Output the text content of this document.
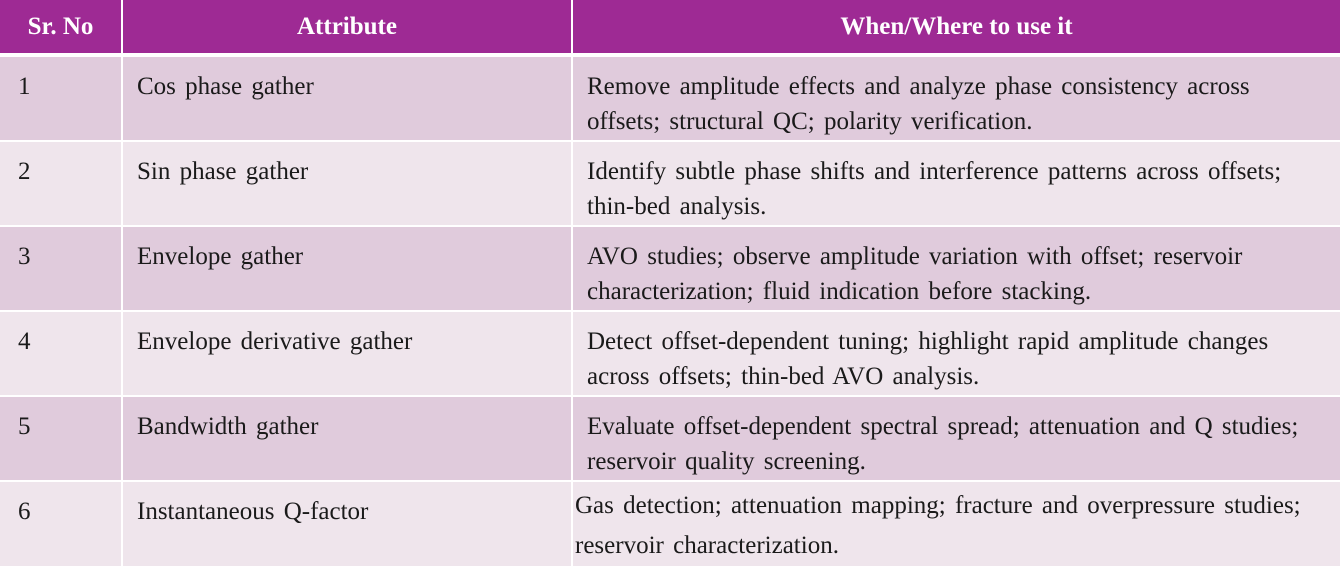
Sr. No	Attribute	When/Where to use it
1	Cos phase gather	Remove amplitude effects and analyze phase consistency across offsets; structural QC; polarity verification.
2	Sin phase gather	Identify subtle phase shifts and interference patterns across offsets; thin-bed analysis.
3	Envelope gather	AVO studies; observe amplitude variation with offset; reservoir characterization; fluid indication before stacking.
4	Envelope derivative gather	Detect offset-dependent tuning; highlight rapid amplitude changes across offsets; thin-bed AVO analysis.
5	Bandwidth gather	Evaluate offset-dependent spectral spread; attenuation and Q studies; reservoir quality screening.
6	Instantaneous Q-factor	Gas detection; attenuation mapping; fracture and overpressure studies; reservoir characterization.
